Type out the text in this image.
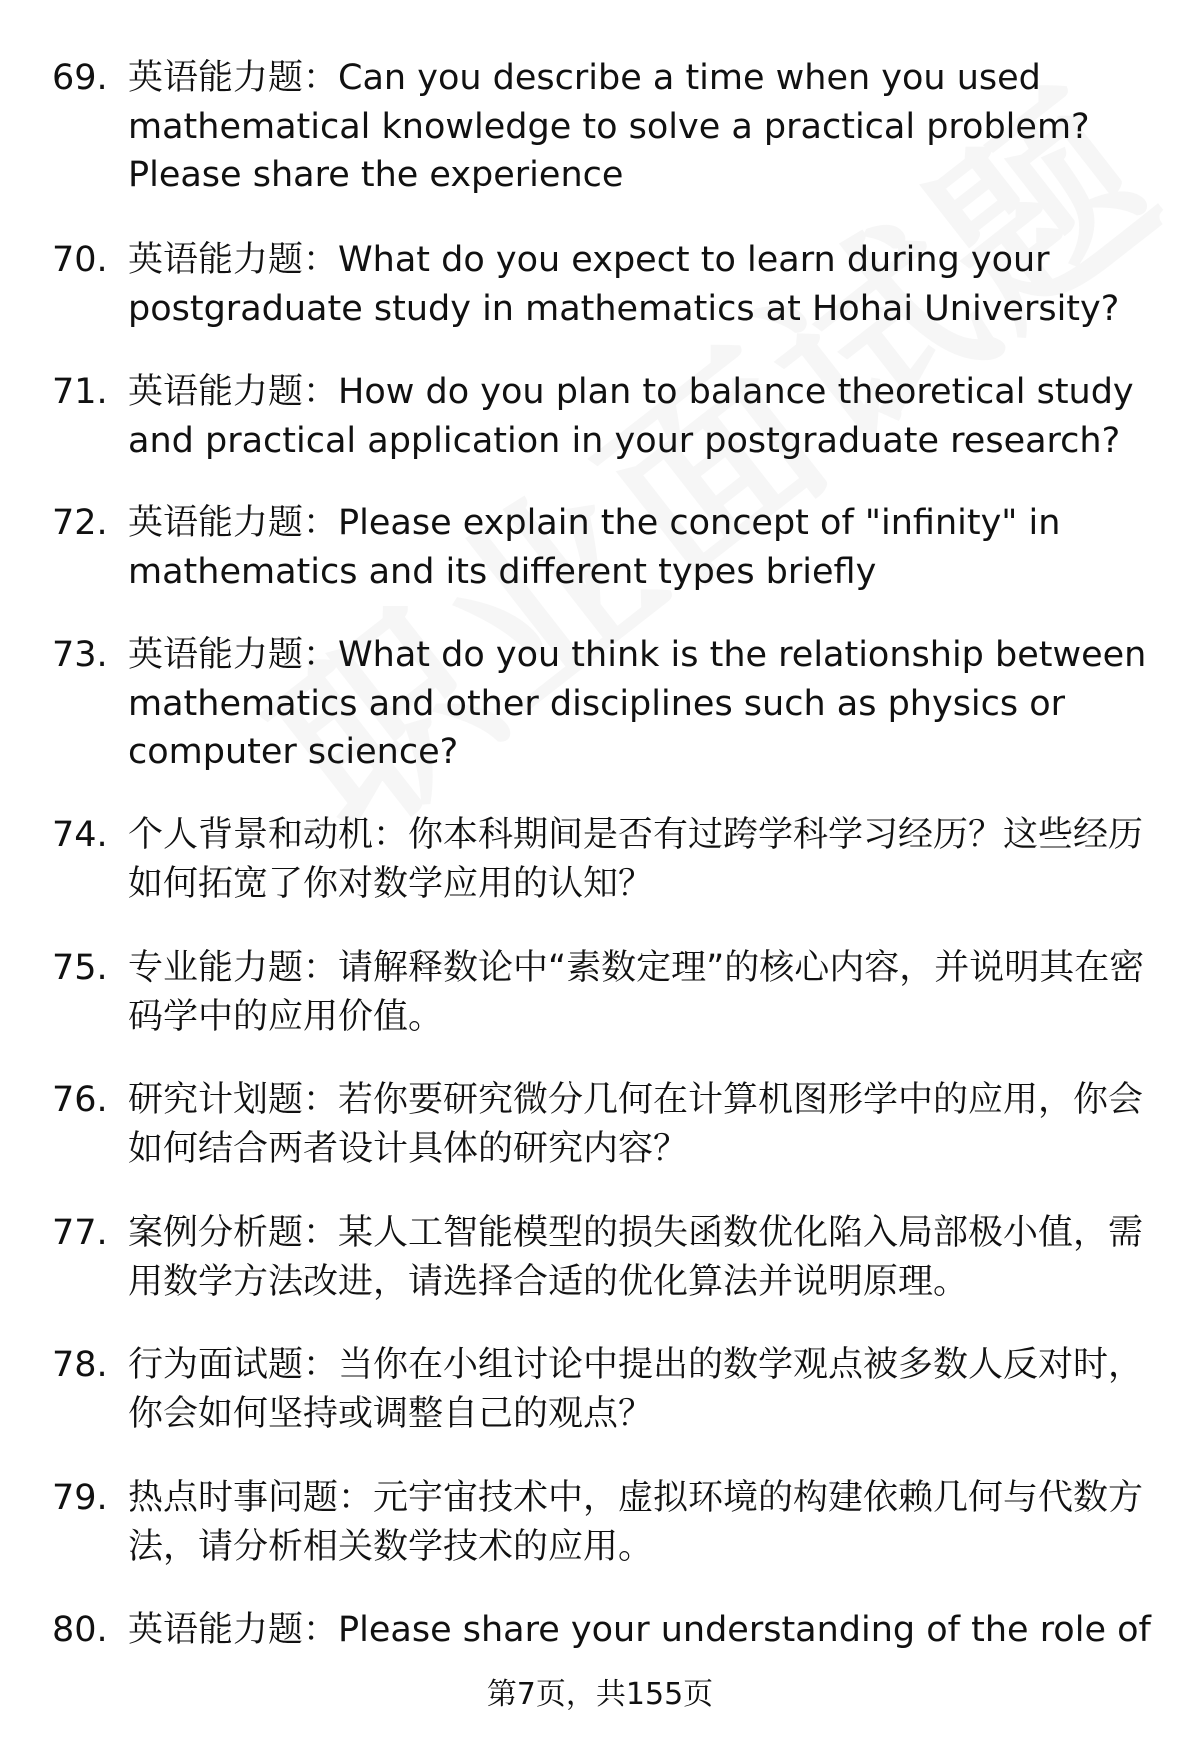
69. 英语能力题：Can you describe a time when you used mathematical knowledge to solve a practical problem? Please share the experience
70. 英语能力题：What do you expect to learn during your postgraduate study in mathematics at Hohai University?
71. 英语能力题：How do you plan to balance theoretical study and practical application in your postgraduate research?
72. 英语能力题：Please explain the concept of "infinity" in mathematics and its different types briefly
73. 英语能力题：What do you think is the relationship between mathematics and other disciplines such as physics or computer science?
74. 个人背景和动机：你本科期间是否有过跨学科学习经历？这些经历如何拓宽了你对数学应用的认知？
75. 专业能力题：请解释数论中“素数定理”的核心内容，并说明其在密码学中的应用价值。
76. 研究计划题：若你要研究微分几何在计算机图形学中的应用，你会如何结合两者设计具体的研究内容？
77. 案例分析题：某人工智能模型的损失函数优化陷入局部极小值，需用数学方法改进，请选择合适的优化算法并说明原理。
78. 行为面试题：当你在小组讨论中提出的数学观点被多数人反对时，你会如何坚持或调整自己的观点？
79. 热点时事问题：元宇宙技术中，虚拟环境的构建依赖几何与代数方法，请分析相关数学技术的应用。
80. 英语能力题：Please share your understanding of the role of
第7页，共155页
